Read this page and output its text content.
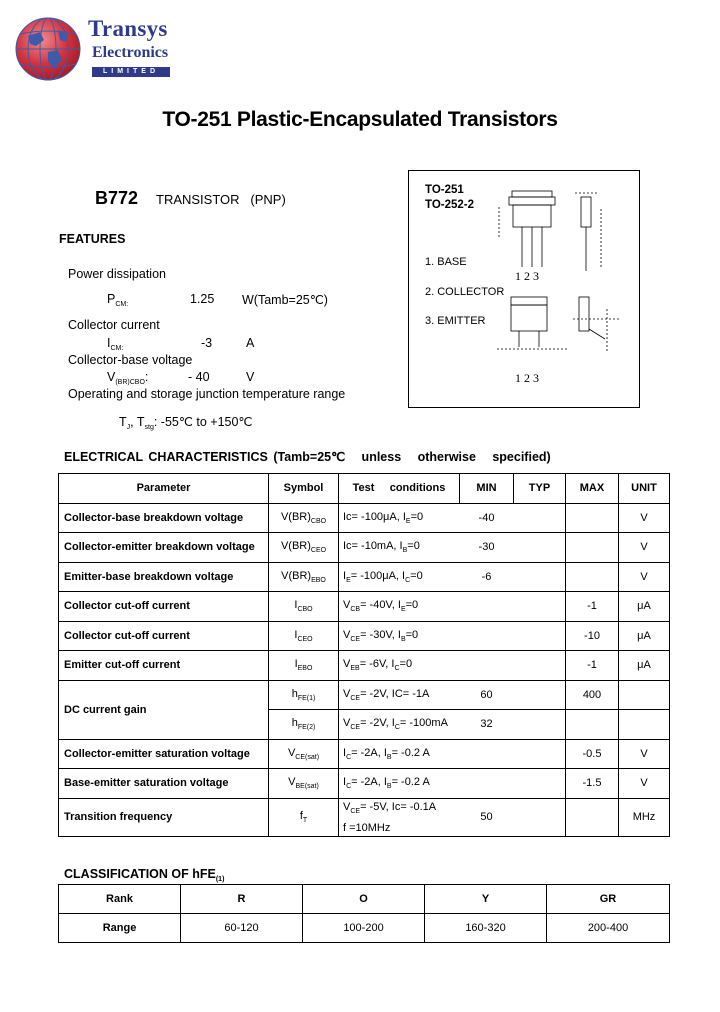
Transys
Electronics
LIMITED
TO-251 Plastic-Encapsulated Transistors
B772 TRANSISTOR   (PNP)
FEATURES
Power dissipation
$P_{CM:}$	1.25 W(Tamb=25℃)
Collector current
$I_{CM:}$	-3	A
Collector-base voltage
$V_{(BR)CBO}$:	- 40	V
Operating and storage junction temperature range
$T_J$, $T_{stg}$: -55℃ to +150℃
TO-251
TO-252-2
1. BASE
2. COLLECTOR
3. EMITTER
1 2 3
1 2 3
ELECTRICAL CHARACTERISTICS (Tamb=25℃   unless   otherwise   specified)
Parameter	Symbol	Test     conditions	MIN	TYP	MAX	UNIT
Collector-base breakdown voltage	$V(BR)_{CBO}$	Ic= -100μA, $I_E=0$	-40			V
Collector-emitter breakdown voltage	$V(BR)_{CEO}$	Ic= -10mA, $I_B=0$	-30			V
Emitter-base breakdown voltage	$V(BR)_{EBO}$	$I_E= -100\mu A$, $I_C=0$	-6			V
Collector cut-off current	$I_{CBO}$	$V_{CB}= -40V$, $I_E=0$			-1	μA
Collector cut-off current	$I_{CEO}$	$V_{CE}= -30V$, $I_B=0$			-10	μA
Emitter cut-off current	$I_{EBO}$	$V_{EB}= -6V$, $I_C=0$			-1	μA
DC current gain	$h_{FE(1)}$	$V_{CE}= -2V$, IC= -1A	60		400	
	$h_{FE(2)}$	$V_{CE}= -2V$, $I_C= -100mA$	32			
Collector-emitter saturation voltage	$V_{CE(sat)}$	$I_C= -2A$, $I_B= -0.2$ A			-0.5	V
Base-emitter saturation voltage	$V_{BE(sat)}$	$I_C= -2A$, $I_B= -0.2$ A			-1.5	V
Transition frequency	$f_T$	$V_{CE}= -5V$, Ic= -0.1A
f =10MHz	50			MHz
CLASSIFICATION OF hFE$_{(1)}$
Rank	R	O	Y	GR
Range	60-120	100-200	160-320	200-400
